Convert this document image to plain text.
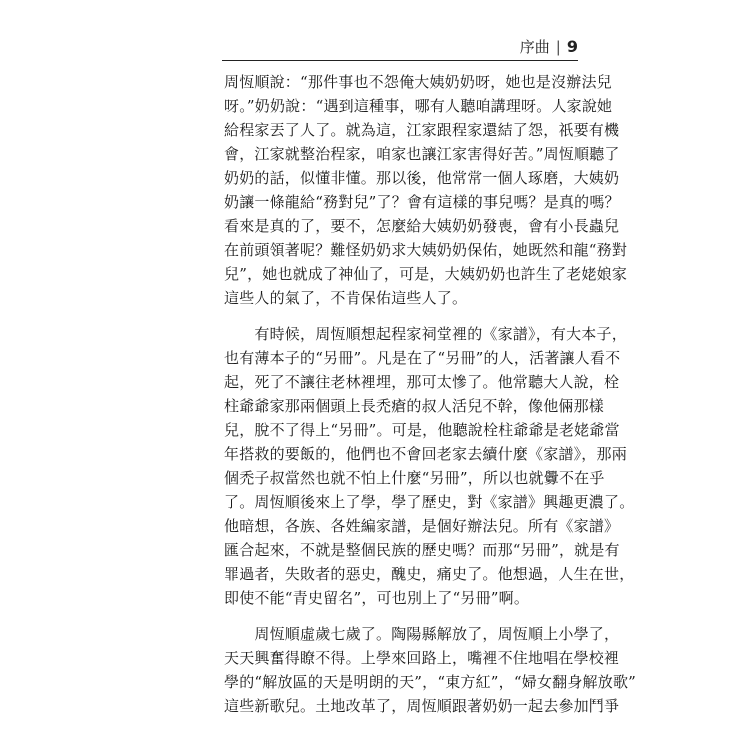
序曲 | 9
周恆順說：“那件事也不怨俺大姨奶奶呀，她也是沒辦法兒
呀。”奶奶說：“遇到這種事，哪有人聽咱講理呀。人家說她
給程家丟了人了。就為這，江家跟程家還結了怨，祇要有機
會，江家就整治程家，咱家也讓江家害得好苦。”周恆順聽了
奶奶的話，似懂非懂。那以後，他常常一個人琢磨，大姨奶
奶讓一條龍給“務對兒”了？會有這樣的事兒嗎？是真的嗎？
看來是真的了，要不，怎麼給大姨奶奶發喪，會有小長蟲兒
在前頭領著呢？難怪奶奶求大姨奶奶保佑，她既然和龍“務對
兒”，她也就成了神仙了，可是，大姨奶奶也許生了老姥娘家
這些人的氣了，不肯保佑這些人了。
　　有時候，周恆順想起程家祠堂裡的《家譜》，有大本子，
也有薄本子的“另冊”。凡是在了“另冊”的人，活著讓人看不
起，死了不讓往老林裡埋，那可太慘了。他常聽大人說，栓
柱爺爺家那兩個頭上長禿瘡的叔人活兒不幹，像他倆那樣
兒，脫不了得上“另冊”。可是，他聽說栓柱爺爺是老姥爺當
年搭救的要飯的，他們也不會回老家去續什麼《家譜》，那兩
個禿子叔當然也就不怕上什麼“另冊”，所以也就釁不在乎
了。周恆順後來上了學，學了歷史，對《家譜》興趣更濃了。
他暗想，各族、各姓編家譜，是個好辦法兒。所有《家譜》
匯合起來，不就是整個民族的歷史嗎？而那“另冊”，就是有
罪過者，失敗者的惡史，醜史，痛史了。他想過，人生在世，
即使不能“青史留名”，可也別上了“另冊”啊。
　　周恆順虛歲七歲了。陶陽縣解放了，周恆順上小學了，
天天興奮得瞭不得。上學來回路上，嘴裡不住地唱在學校裡
學的“解放區的天是明朗的天”，“東方紅”，“婦女翻身解放歌”
這些新歌兒。土地改革了，周恆順跟著奶奶一起去參加鬥爭
